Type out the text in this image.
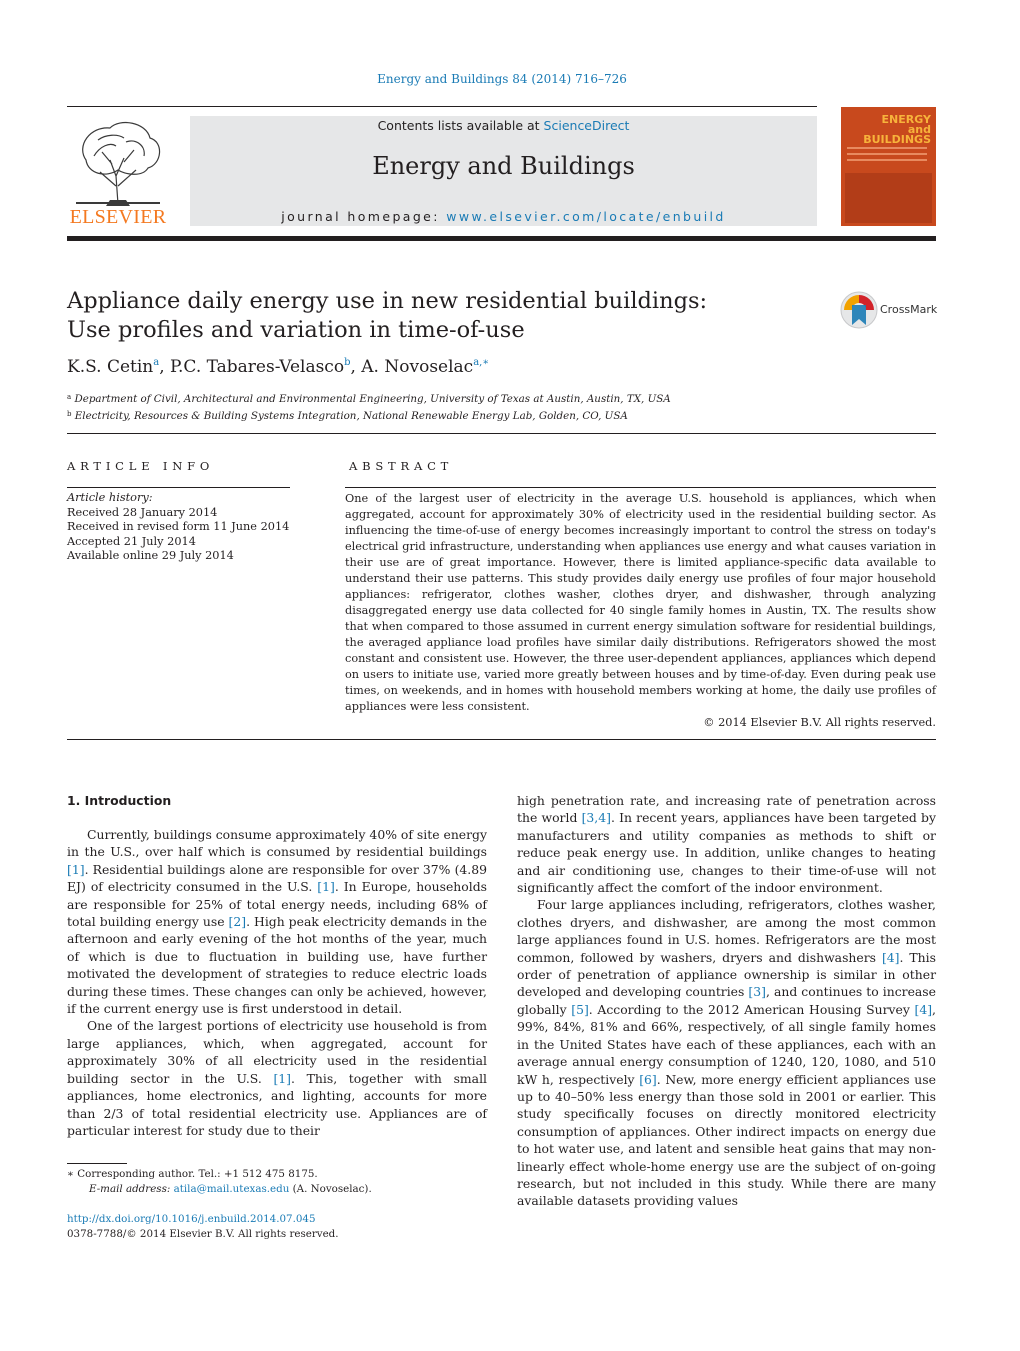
Energy and Buildings 84 (2014) 716–726
ELSEVIER
Contents lists available at ScienceDirect
Energy and Buildings
journal homepage: www.elsevier.com/locate/enbuild
ENERGY
and BUILDINGS
Appliance daily energy use in new residential buildings:
Use profiles and variation in time-of-use
CrossMark
K.S. Cetin$^a$, P.C. Tabares-Velasco$^b$, A. Novoselac$^{a,∗}$
$^a$ Department of Civil, Architectural and Environmental Engineering, University of Texas at Austin, Austin, TX, USA
$^b$ Electricity, Resources & Building Systems Integration, National Renewable Energy Lab, Golden, CO, USA
ARTICLE INFO
Article history:
Received 28 January 2014
Received in revised form 11 June 2014
Accepted 21 July 2014
Available online 29 July 2014
ABSTRACT
One of the largest user of electricity in the average U.S. household is appliances, which when aggregated, account for approximately 30% of electricity used in the residential building sector. As influencing the time-of-use of energy becomes increasingly important to control the stress on today's electrical grid infrastructure, understanding when appliances use energy and what causes variation in their use are of great importance. However, there is limited appliance-specific data available to understand their use patterns. This study provides daily energy use profiles of four major household appliances: refrigerator, clothes washer, clothes dryer, and dishwasher, through analyzing disaggregated energy use data collected for 40 single family homes in Austin, TX. The results show that when compared to those assumed in current energy simulation software for residential buildings, the averaged appliance load profiles have similar daily distributions. Refrigerators showed the most constant and consistent use. However, the three user-dependent appliances, appliances which depend on users to initiate use, varied more greatly between houses and by time-of-day. Even during peak use times, on weekends, and in homes with household members working at home, the daily use profiles of appliances were less consistent.
© 2014 Elsevier B.V. All rights reserved.
1. Introduction

Currently, buildings consume approximately 40% of site energy in the U.S., over half which is consumed by residential buildings [1]. Residential buildings alone are responsible for over 37% (4.89 EJ) of electricity consumed in the U.S. [1]. In Europe, households are responsible for 25% of total energy needs, including 68% of total building energy use [2]. High peak electricity demands in the afternoon and early evening of the hot months of the year, much of which is due to fluctuation in building use, have further motivated the development of strategies to reduce electric loads during these times. These changes can only be achieved, however, if the current energy use is first understood in detail.

One of the largest portions of electricity use household is from large appliances, which, when aggregated, account for approximately 30% of all electricity used in the residential building sector in the U.S. [1]. This, together with small appliances, home electronics, and lighting, accounts for more than 2/3 of total residential electricity use. Appliances are of particular interest for study due to their

high penetration rate, and increasing rate of penetration across the world [3,4]. In recent years, appliances have been targeted by manufacturers and utility companies as methods to shift or reduce peak energy use. In addition, unlike changes to heating and air conditioning use, changes to their time-of-use will not significantly affect the comfort of the indoor environment.

Four large appliances including, refrigerators, clothes washer, clothes dryers, and dishwasher, are among the most common large appliances found in U.S. homes. Refrigerators are the most common, followed by washers, dryers and dishwashers [4]. This order of penetration of appliance ownership is similar in other developed and developing countries [3], and continues to increase globally [5]. According to the 2012 American Housing Survey [4], 99%, 84%, 81% and 66%, respectively, of all single family homes in the United States have each of these appliances, each with an average annual energy consumption of 1240, 120, 1080, and 510 kW h, respectively [6]. New, more energy efficient appliances use up to 40–50% less energy than those sold in 2001 or earlier. This study specifically focuses on directly monitored electricity consumption of appliances. Other indirect impacts on energy due to hot water use, and latent and sensible heat gains that may non-linearly effect whole-home energy use are the subject of on-going research, but not included in this study. While there are many available datasets providing values

∗ Corresponding author. Tel.: +1 512 475 8175.
E-mail address: atila@mail.utexas.edu (A. Novoselac).
http://dx.doi.org/10.1016/j.enbuild.2014.07.045
0378-7788/© 2014 Elsevier B.V. All rights reserved.
